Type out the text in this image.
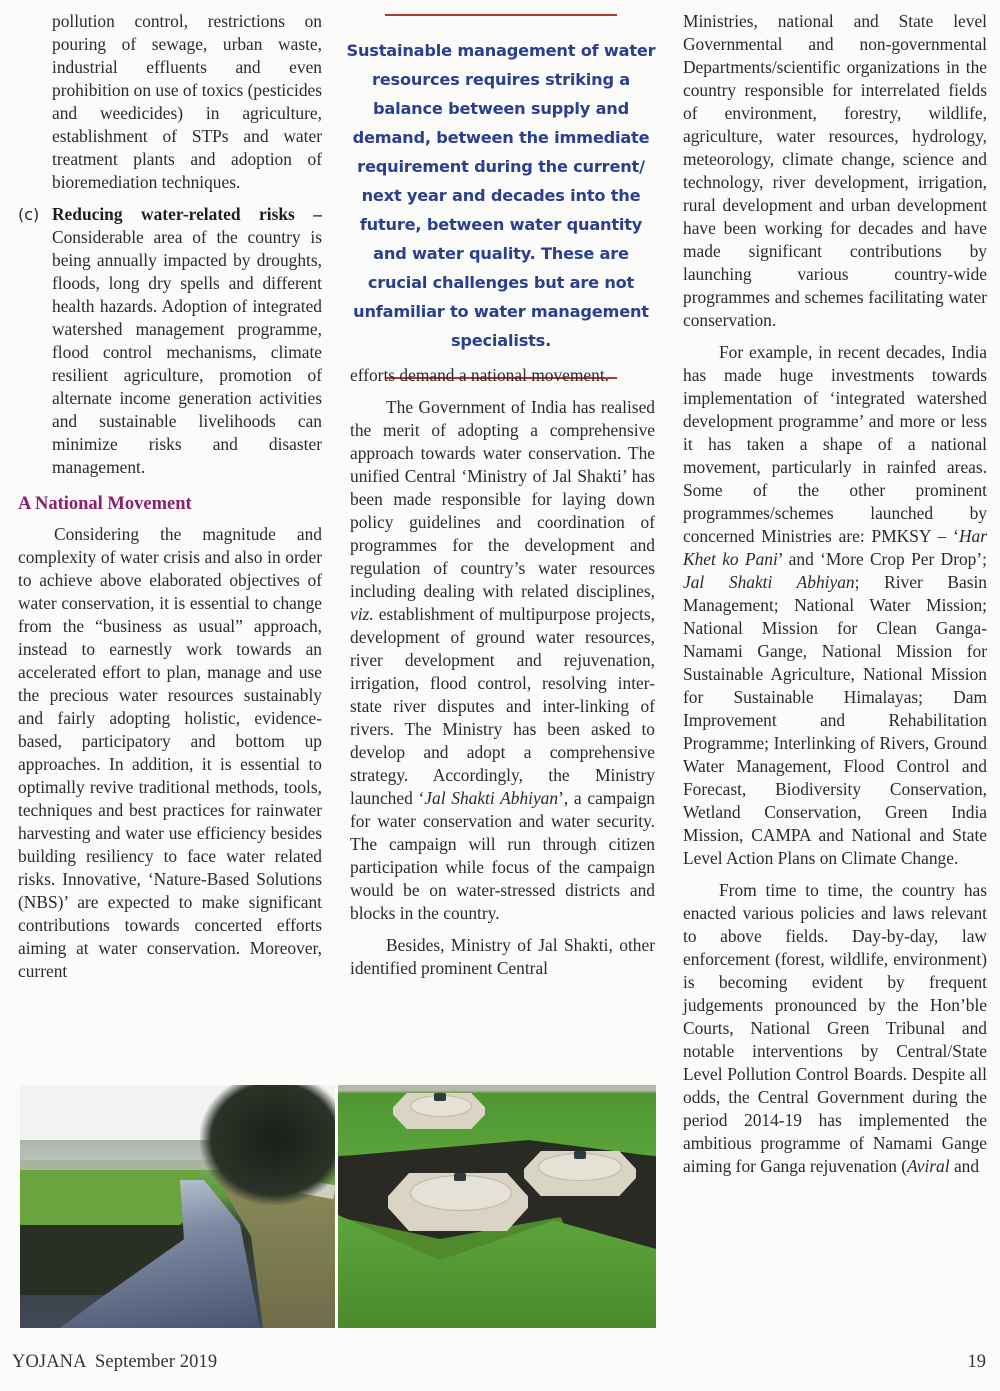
pollution control, restrictions on pouring of sewage, urban waste, industrial effluents and even prohibition on use of toxics (pesticides and weedicides) in agriculture, establishment of STPs and water treatment plants and adoption of bioremediation techniques.

(c) Reducing water-related risks – Considerable area of the country is being annually impacted by droughts, floods, long dry spells and different health hazards. Adoption of integrated watershed management programme, flood control mechanisms, climate resilient agriculture, promotion of alternate income generation activities and sustainable livelihoods can minimize risks and disaster management.

A National Movement

Considering the magnitude and complexity of water crisis and also in order to achieve above elaborated objectives of water conservation, it is essential to change from the “business as usual” approach, instead to earnestly work towards an accelerated effort to plan, manage and use the precious water resources sustainably and fairly adopting holistic, evidence-based, participatory and bottom up approaches. In addition, it is essential to optimally revive traditional methods, tools, techniques and best practices for rainwater harvesting and water use efficiency besides building resiliency to face water related risks. Innovative, ‘Nature-Based Solutions (NBS)’ are expected to make significant contributions towards concerted efforts aiming at water conservation. Moreover, current

Sustainable management of water resources requires striking a balance between supply and demand, between the immediate requirement during the current/ next year and decades into the future, between water quantity and water quality. These are crucial challenges but are not unfamiliar to water management specialists.

efforts demand a national movement.

The Government of India has realised the merit of adopting a comprehensive approach towards water conservation. The unified Central ‘Ministry of Jal Shakti’ has been made responsible for laying down policy guidelines and coordination of programmes for the development and regulation of country’s water resources including dealing with related disciplines, viz. establishment of multipurpose projects, development of ground water resources, river development and rejuvenation, irrigation, flood control, resolving inter-state river disputes and inter-linking of rivers. The Ministry has been asked to develop and adopt a comprehensive strategy. Accordingly, the Ministry launched ‘Jal Shakti Abhiyan’, a campaign for water conservation and water security. The campaign will run through citizen participation while focus of the campaign would be on water-stressed districts and blocks in the country.

Besides, Ministry of Jal Shakti, other identified prominent Central

Ministries, national and State level Governmental and non-governmental Departments/scientific organizations in the country responsible for interrelated fields of environment, forestry, wildlife, agriculture, water resources, hydrology, meteorology, climate change, science and technology, river development, irrigation, rural development and urban development have been working for decades and have made significant contributions by launching various country-wide programmes and schemes facilitating water conservation.

For example, in recent decades, India has made huge investments towards implementation of ‘integrated watershed development programme’ and more or less it has taken a shape of a national movement, particularly in rainfed areas. Some of the other prominent programmes/schemes launched by concerned Ministries are: PMKSY – ‘Har Khet ko Pani’ and ‘More Crop Per Drop’; Jal Shakti Abhiyan; River Basin Management; National Water Mission; National Mission for Clean Ganga-Namami Gange, National Mission for Sustainable Agriculture, National Mission for Sustainable Himalayas; Dam Improvement and Rehabilitation Programme; Interlinking of Rivers, Ground Water Management, Flood Control and Forecast, Biodiversity Conservation, Wetland Conservation, Green India Mission, CAMPA and National and State Level Action Plans on Climate Change.

From time to time, the country has enacted various policies and laws relevant to above fields. Day-by-day, law enforcement (forest, wildlife, environment) is becoming evident by frequent judgements pronounced by the Hon’ble Courts, National Green Tribunal and notable interventions by Central/State Level Pollution Control Boards. Despite all odds, the Central Government during the period 2014-19 has implemented the ambitious programme of Namami Gange aiming for Ganga rejuvenation (Aviral and

YOJANA  September 2019	19
